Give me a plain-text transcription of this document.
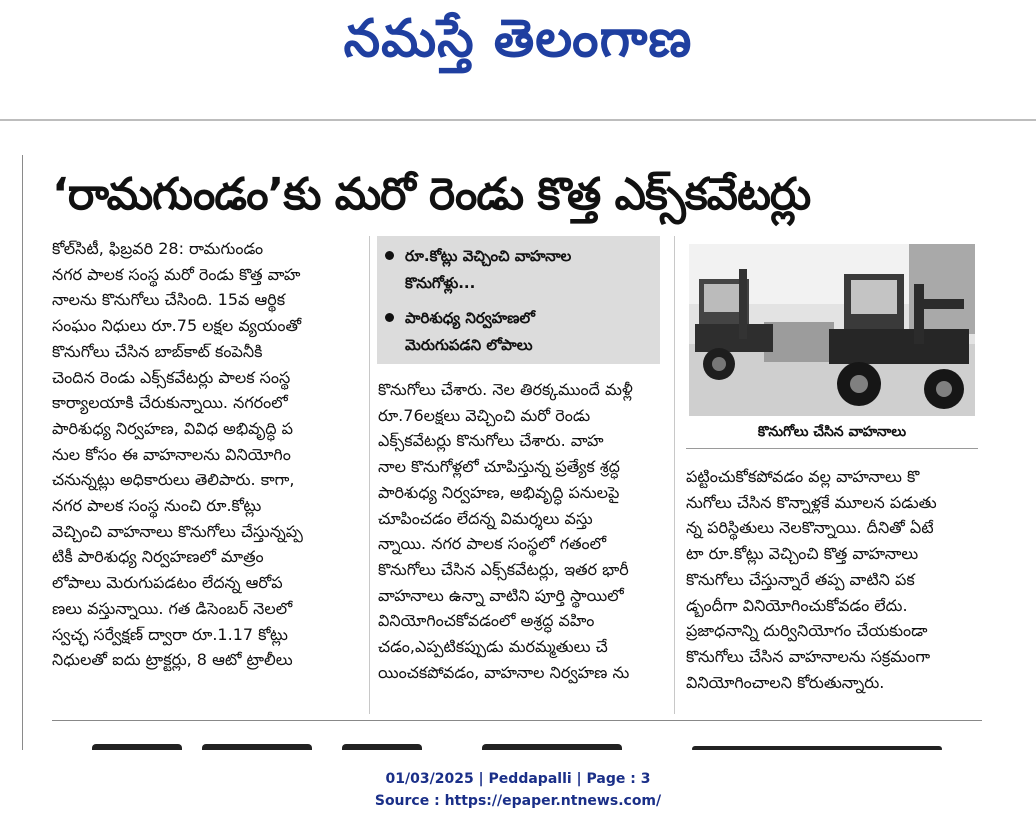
నమస్తే తెలంగాణ
‘రామగుండం’కు మరో రెండు కొత్త ఎక్స్‌కవేటర్లు

కోల్‌సిటీ, ఫిబ్రవరి 28: రామగుండం

నగర పాలక సంస్థ మరో రెండు కొత్త వాహ

నాలను కొనుగోలు చేసింది. 15వ ఆర్థిక

సంఘం నిధులు రూ.75 లక్షల వ్యయంతో

కొనుగోలు చేసిన బాబ్‌కాట్ కంపెనీకి

చెందిన రెండు ఎక్స్‌కవేటర్లు పాలక సంస్థ

కార్యాలయాకి చేరుకున్నాయి. నగరంలో

పారిశుధ్య నిర్వహణ, వివిధ అభివృద్ధి ప

నుల కోసం ఈ వాహనాలను వినియోగిం

చనున్నట్లు అధికారులు తెలిపారు. కాగా,

నగర పాలక సంస్థ నుంచి రూ.కోట్లు

వెచ్చించి వాహనాలు కొనుగోలు చేస్తున్నప్ప

టికీ పారిశుధ్య నిర్వహణలో మాత్రం

లోపాలు మెరుగుపడటం లేదన్న ఆరోప

ణలు వస్తున్నాయి. గత డిసెంబర్ నెలలో

స్వచ్ఛ సర్వేక్షణ్ ద్వారా రూ.1.17 కోట్లు

నిధులతో ఐదు ట్రాక్టర్లు, 8 ఆటో ట్రాలీలు

రూ.కోట్లు వెచ్చించి వాహనాల
కొనుగోళ్లు...
పారిశుధ్య నిర్వహణలో
మెరుగుపడని లోపాలు

కొనుగోలు చేశారు. నెల తిరక్కముందే మళ్లీ

రూ.76లక్షలు వెచ్చించి మరో రెండు

ఎక్స్‌కవేటర్లు కొనుగోలు చేశారు. వాహ

నాల కొనుగోళ్లలో చూపిస్తున్న ప్రత్యేక శ్రద్ధ

పారిశుధ్య నిర్వహణ, అభివృద్ధి పనులపై

చూపించడం లేదన్న విమర్శలు వస్తు

న్నాయి. నగర పాలక సంస్థలో గతంలో

కొనుగోలు చేసిన ఎక్స్‌కవేటర్లు, ఇతర భారీ

వాహనాలు ఉన్నా వాటిని పూర్తి స్థాయిలో

వినియోగించకోవడంలో అశ్రద్ధ వహిం

చడం,ఎప్పటికప్పుడు మరమ్మతులు చే

యించకపోవడం, వాహనాల నిర్వహణ ను

కొనుగోలు చేసిన వాహనాలు

పట్టించుకోకపోవడం వల్ల వాహనాలు కొ

నుగోలు చేసిన కొన్నాళ్లకే మూలన పడుతు

న్న పరిస్థితులు నెలకొన్నాయి. దీనితో ఏటే

టా రూ.కోట్లు వెచ్చించి కొత్త వాహనాలు

కొనుగోలు చేస్తున్నారే తప్ప వాటిని పక

డ్బందీగా వినియోగించుకోవడం లేదు.

ప్రజాధనాన్ని దుర్వినియోగం చేయకుండా

కొనుగోలు చేసిన వాహనాలను సక్రమంగా

వినియోగించాలని కోరుతున్నారు.

01/03/2025 | Peddapalli | Page : 3
Source : https://epaper.ntnews.com/
